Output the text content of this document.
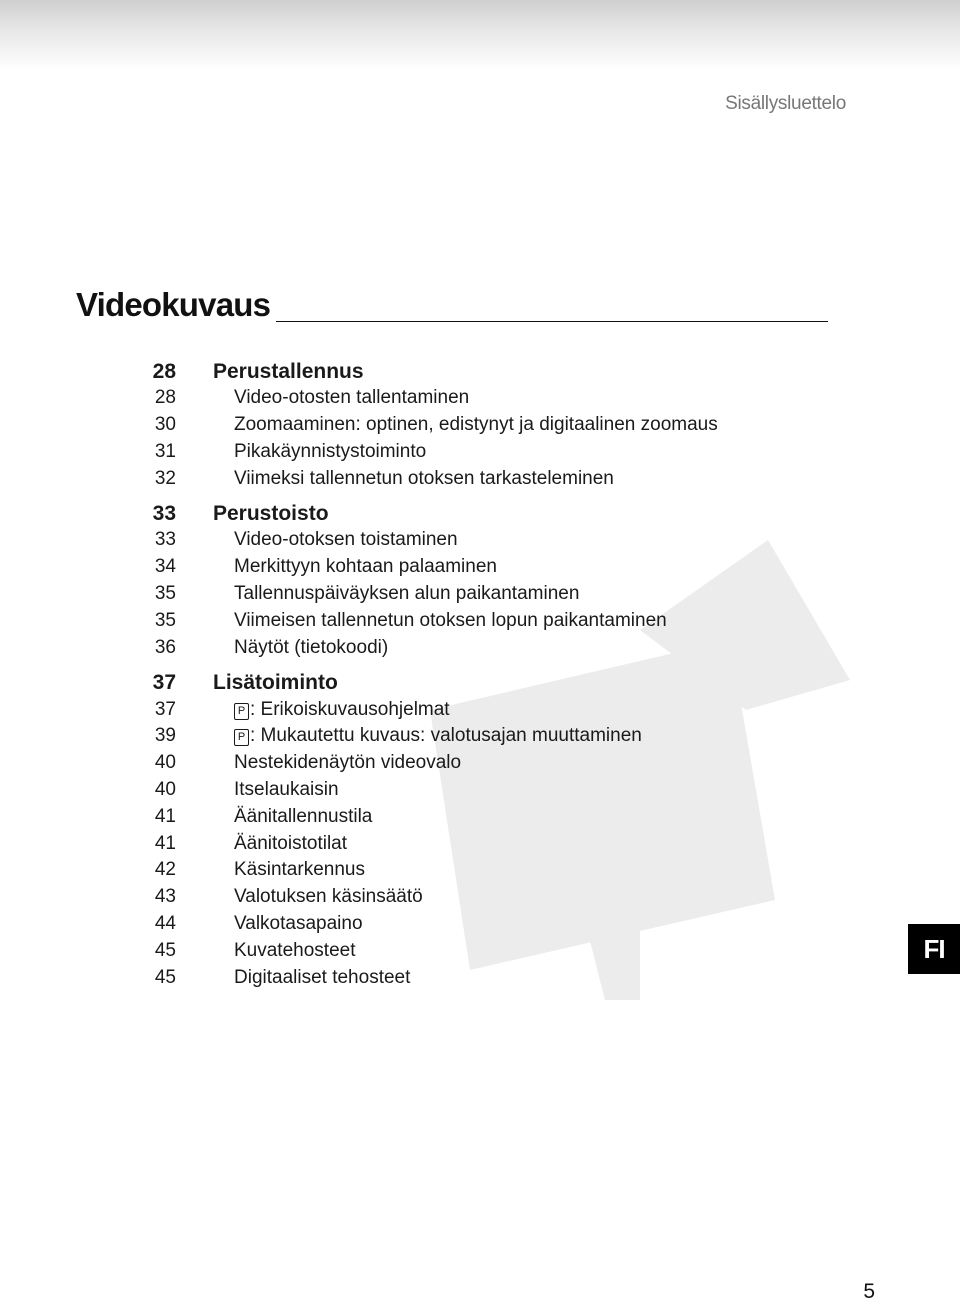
Sisällysluettelo
Videokuvaus
28 Perustallennus
28	Video-otosten tallentaminen
30	Zoomaaminen: optinen, edistynyt ja digitaalinen zoomaus
31	Pikakäynnistystoiminto
32	Viimeksi tallennetun otoksen tarkasteleminen
33 Perustoisto
33	Video-otoksen toistaminen
34	Merkittyyn kohtaan palaaminen
35	Tallennuspäiväyksen alun paikantaminen
35	Viimeisen tallennetun otoksen lopun paikantaminen
36	Näytöt (tietokoodi)
37 Lisätoiminto
37	P : Erikoiskuvausohjelmat
39	P : Mukautettu kuvaus: valotusajan muuttaminen
40	Nestekidenäytön videovalo
40	Itselaukaisin
41	Äänitallennustila
41	Äänitoistotilat
42	Käsintarkennus
43	Valotuksen käsinsäätö
44	Valkotasapaino
45	Kuvatehosteet
45	Digitaaliset tehosteet
FI
5
